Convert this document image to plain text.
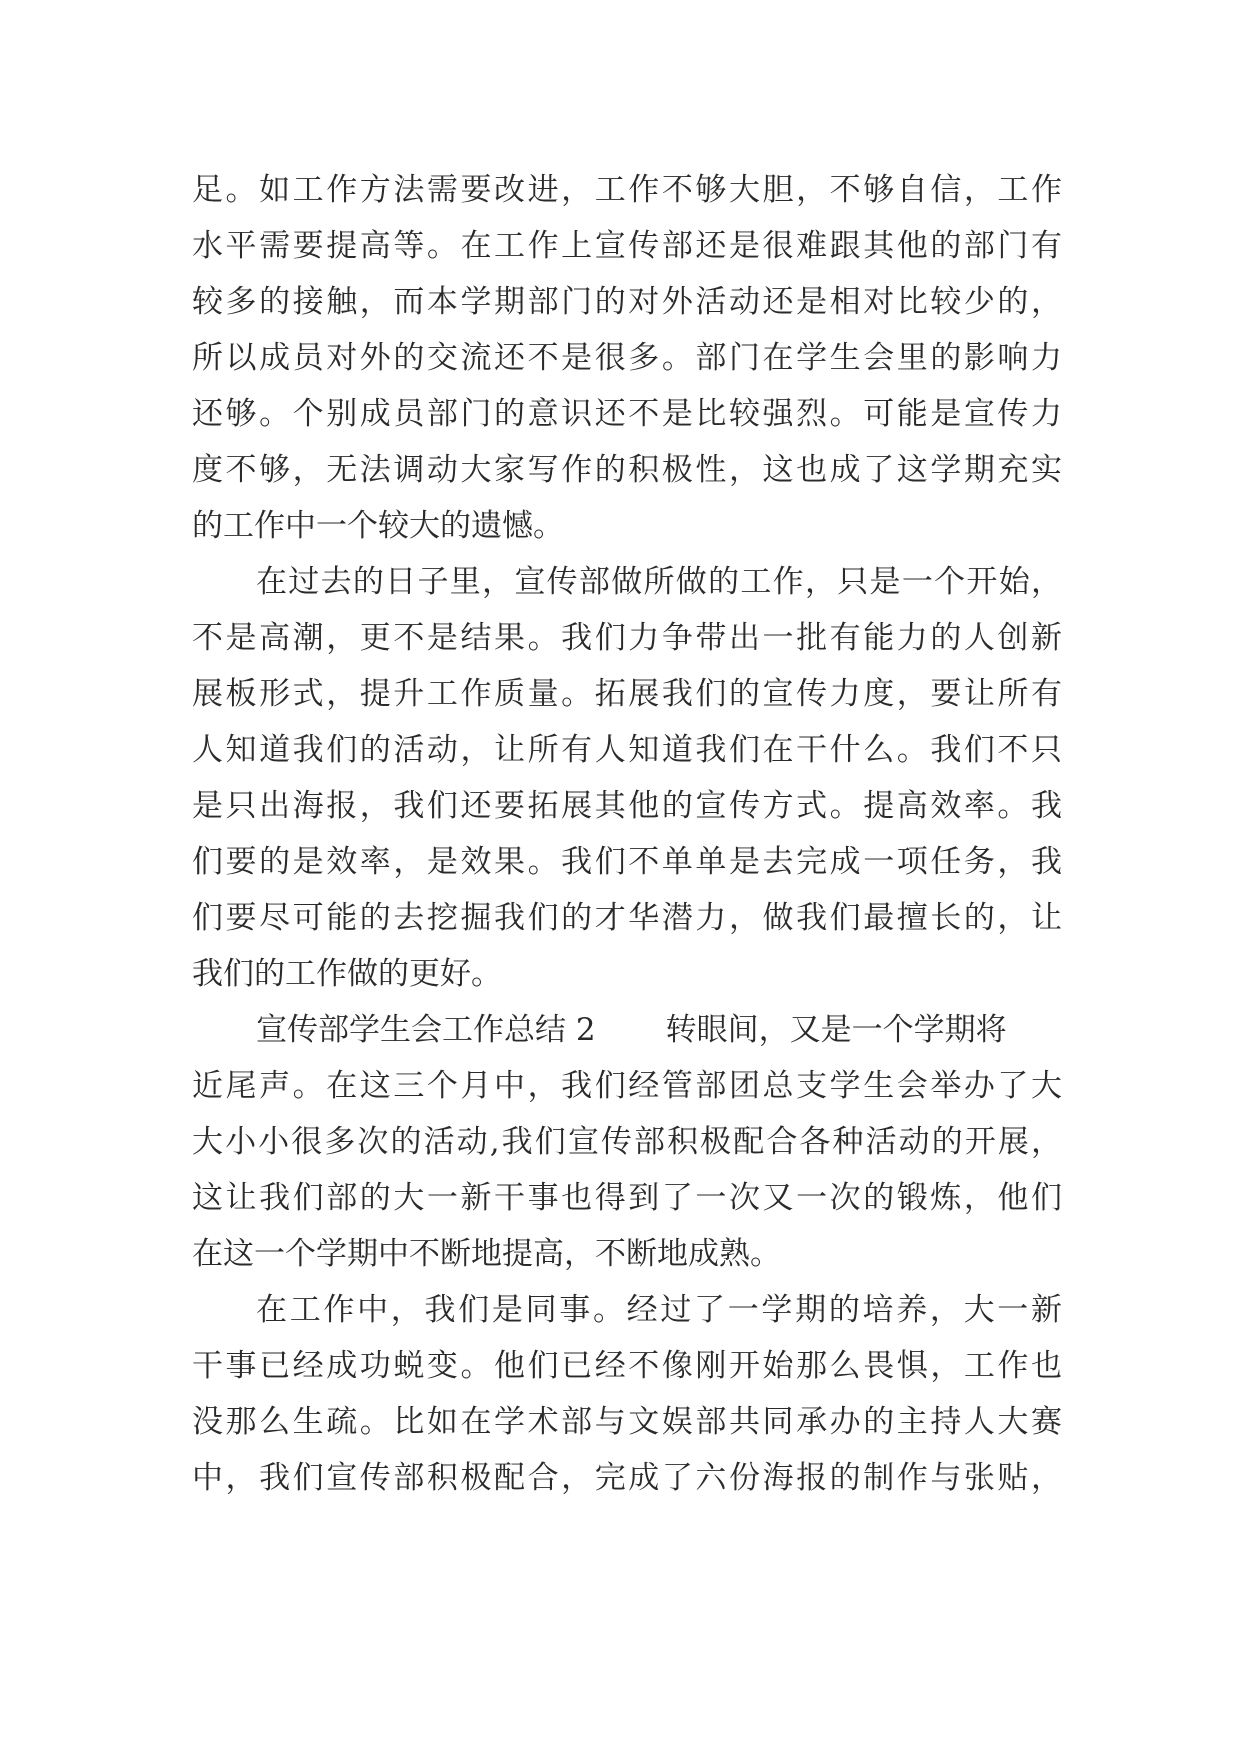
足。如工作方法需要改进，工作不够大胆，不够自信，工作
水平需要提高等。在工作上宣传部还是很难跟其他的部门有
较多的接触，而本学期部门的对外活动还是相对比较少的，
所以成员对外的交流还不是很多。部门在学生会里的影响力
还够。个别成员部门的意识还不是比较强烈。可能是宣传力
度不够，无法调动大家写作的积极性，这也成了这学期充实
的工作中一个较大的遗憾。
在过去的日子里，宣传部做所做的工作，只是一个开始，
不是高潮，更不是结果。我们力争带出一批有能力的人创新
展板形式，提升工作质量。拓展我们的宣传力度，要让所有
人知道我们的活动，让所有人知道我们在干什么。我们不只
是只出海报，我们还要拓展其他的宣传方式。提高效率。我
们要的是效率，是效果。我们不单单是去完成一项任务，我
们要尽可能的去挖掘我们的才华潜力，做我们最擅长的，让
我们的工作做的更好。
宣传部学生会工作总结 2 转眼间，又是一个学期将
近尾声。在这三个月中，我们经管部团总支学生会举办了大
大小小很多次的活动,我们宣传部积极配合各种活动的开展，
这让我们部的大一新干事也得到了一次又一次的锻炼，他们
在这一个学期中不断地提高，不断地成熟。
在工作中，我们是同事。经过了一学期的培养，大一新
干事已经成功蜕变。他们已经不像刚开始那么畏惧，工作也
没那么生疏。比如在学术部与文娱部共同承办的主持人大赛
中，我们宣传部积极配合，完成了六份海报的制作与张贴，
